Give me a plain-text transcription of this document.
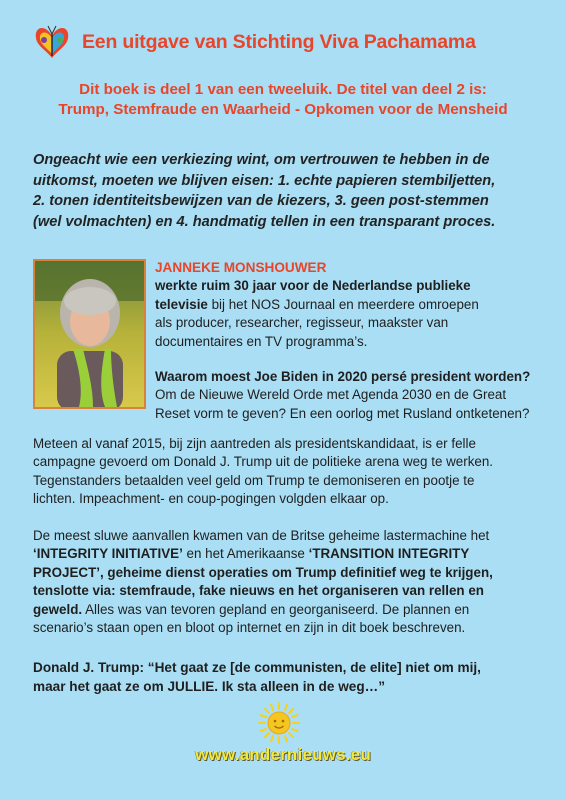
Een uitgave van Stichting Viva Pachamama
Dit boek is deel 1 van een tweeluik. De titel van deel 2 is:
Trump, Stemfraude en Waarheid - Opkomen voor de Mensheid
Ongeacht wie een verkiezing wint, om vertrouwen te hebben in de
uitkomst, moeten we blijven eisen: 1. echte papieren stembiljetten,
2. tonen identiteitsbewijzen van de kiezers, 3. geen post-stemmen
(wel volmachten) en 4. handmatig tellen in een transparant proces.
JANNEKE MONSHOUWER
werkte ruim 30 jaar voor de Nederlandse publieke
televisie bij het NOS Journaal en meerdere omroepen
als producer, researcher, regisseur, maakster van
documentaires en TV programma’s.
Waarom moest Joe Biden in 2020 persé president worden?
Om de Nieuwe Wereld Orde met Agenda 2030 en de Great
Reset vorm te geven? En een oorlog met Rusland ontketenen?
Meteen al vanaf 2015, bij zijn aantreden als presidentskandidaat, is er felle
campagne gevoerd om Donald J. Trump uit de politieke arena weg te werken.
Tegenstanders betaalden veel geld om Trump te demoniseren en pootje te
lichten. Impeachment- en coup-pogingen volgden elkaar op.
De meest sluwe aanvallen kwamen van de Britse geheime lastermachine het
‘INTEGRITY INITIATIVE’ en het Amerikaanse ‘TRANSITION INTEGRITY
PROJECT’, geheime dienst operaties om Trump definitief weg te krijgen,
tenslotte via: stemfraude, fake nieuws en het organiseren van rellen en
geweld. Alles was van tevoren gepland en georganiseerd. De plannen en
scenario’s staan open en bloot op internet en zijn in dit boek beschreven.
Donald J. Trump: “Het gaat ze [de communisten, de elite] niet om mij,
maar het gaat ze om JULLIE. Ik sta alleen in de weg…”
www.andernieuws.eu
